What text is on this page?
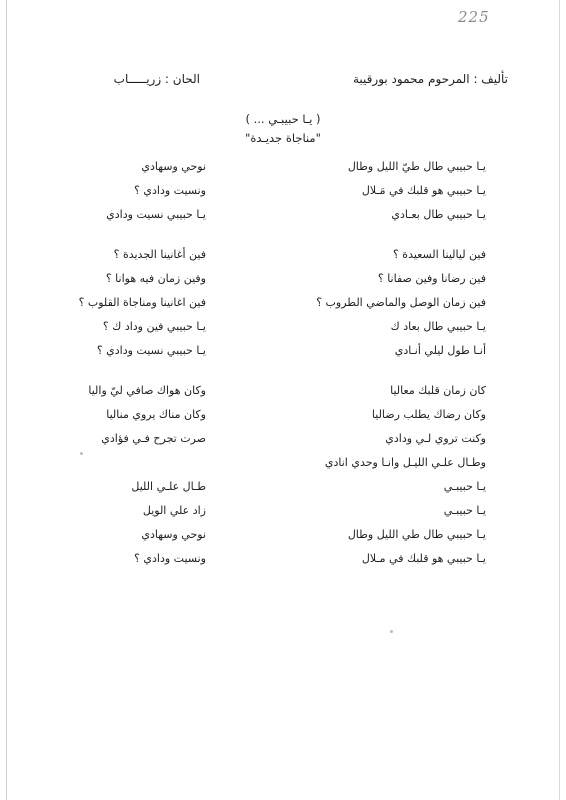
225
تأليف : المرحوم محمود بورقيبة
الحان : زريـــــاب
( يـا حبيبـي ... )
"مناجاة جديـدة"
يـا حبيبي طال طيّ الليل وطال
نوحي وسهادي
يـا حبيبي هو قلبك في مَـلال
ونسيت ودادي ؟
يـا حبيبي طال بعـادي
يـا حبيبي نسيت ودادي
فين ليالينا السعيدة ؟
فين أغانينا الجديدة ؟
فين رضانا وفين صفانا ؟
وفين زمان فيه هوانا ؟
فين زمان الوصل والماضي الطروب ؟
فين اغانينا ومناجاة القلوب ؟
يـا حبيبي طال بعاد ك
يـا حبيبي فين وداد ك ؟
أنـا طول ليلي أنـادي
يـا حبيبي نسيت ودادي ؟
كان زمان قلبك معاليا
وكان هواك صافي ليّ واليا
وكان رضاك يطلب رضاليا
وكان مناك يروي مناليا
وكنت تروي لـي ودادي
صرت تجرح فـي فؤادي
وطـال علـي الليـل وانـا وحدي انادي
يـا حبيبـي
طـال علـي الليل
يـا حبيبـي
زاد علي الويل
يـا حبيبي طال طي الليل وطال
نوحي وسهادي
يـا حبيبي هو قلبك في مـلال
ونسيت ودادي ؟
